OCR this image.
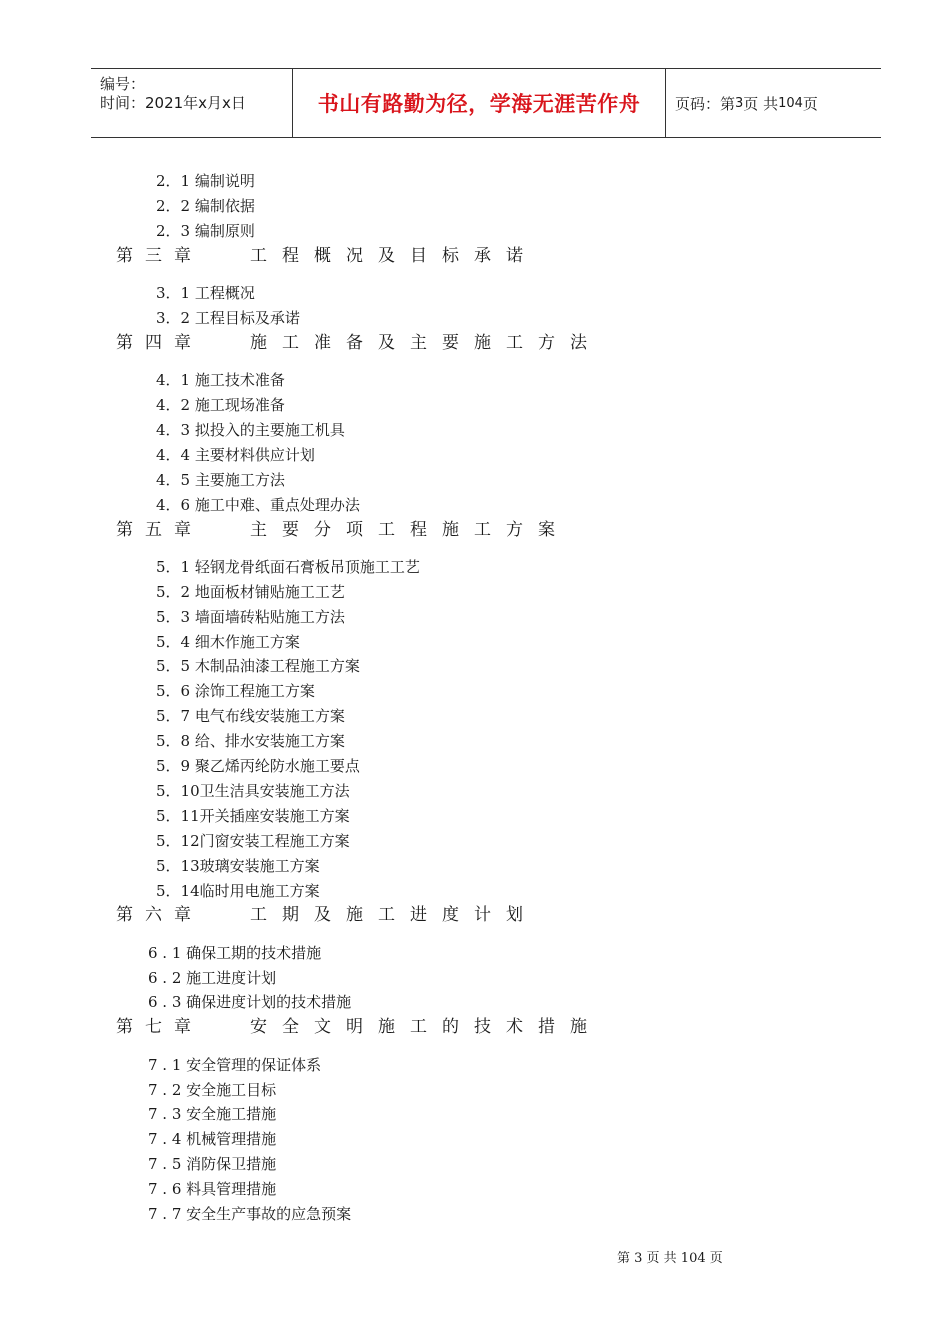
编号：
时间：2021年x月x日	书山有路勤为径，学海无涯苦作舟 页码：第 3 页 共 104 页
2．1 编制说明
2．2 编制依据
2．3 编制原则
第三章	工程概况及目标承诺
3．1 工程概况
3．2 工程目标及承诺
第四章	施工准备及主要施工方法
4．1 施工技术准备
4．2 施工现场准备
4．3 拟投入的主要施工机具
4．4 主要材料供应计划
4．5 主要施工方法
4．6 施工中难、重点处理办法
第五章	主要分项工程施工方案
5．1 轻钢龙骨纸面石膏板吊顶施工工艺
5．2 地面板材铺贴施工工艺
5．3 墙面墙砖粘贴施工方法
5．4 细木作施工方案
5．5 木制品油漆工程施工方案
5．6 涂饰工程施工方案
5．7 电气布线安装施工方案
5．8 给、排水安装施工方案
5．9 聚乙烯丙纶防水施工要点
5．10卫生洁具安装施工方法
5．11开关插座安装施工方案
5．12门窗安装工程施工方案
5．13玻璃安装施工方案
5．14临时用电施工方案
第六章	工期及施工进度计划
6 . 1 确保工期的技术措施
6 . 2 施工进度计划
6 . 3 确保进度计划的技术措施
第七章	安全文明施工的技术措施
7 . 1 安全管理的保证体系
7 . 2 安全施工目标
7 . 3 安全施工措施
7 . 4 机械管理措施
7 . 5 消防保卫措施
7 . 6 料具管理措施
7 . 7 安全生产事故的应急预案
第 3 页 共 104 页
